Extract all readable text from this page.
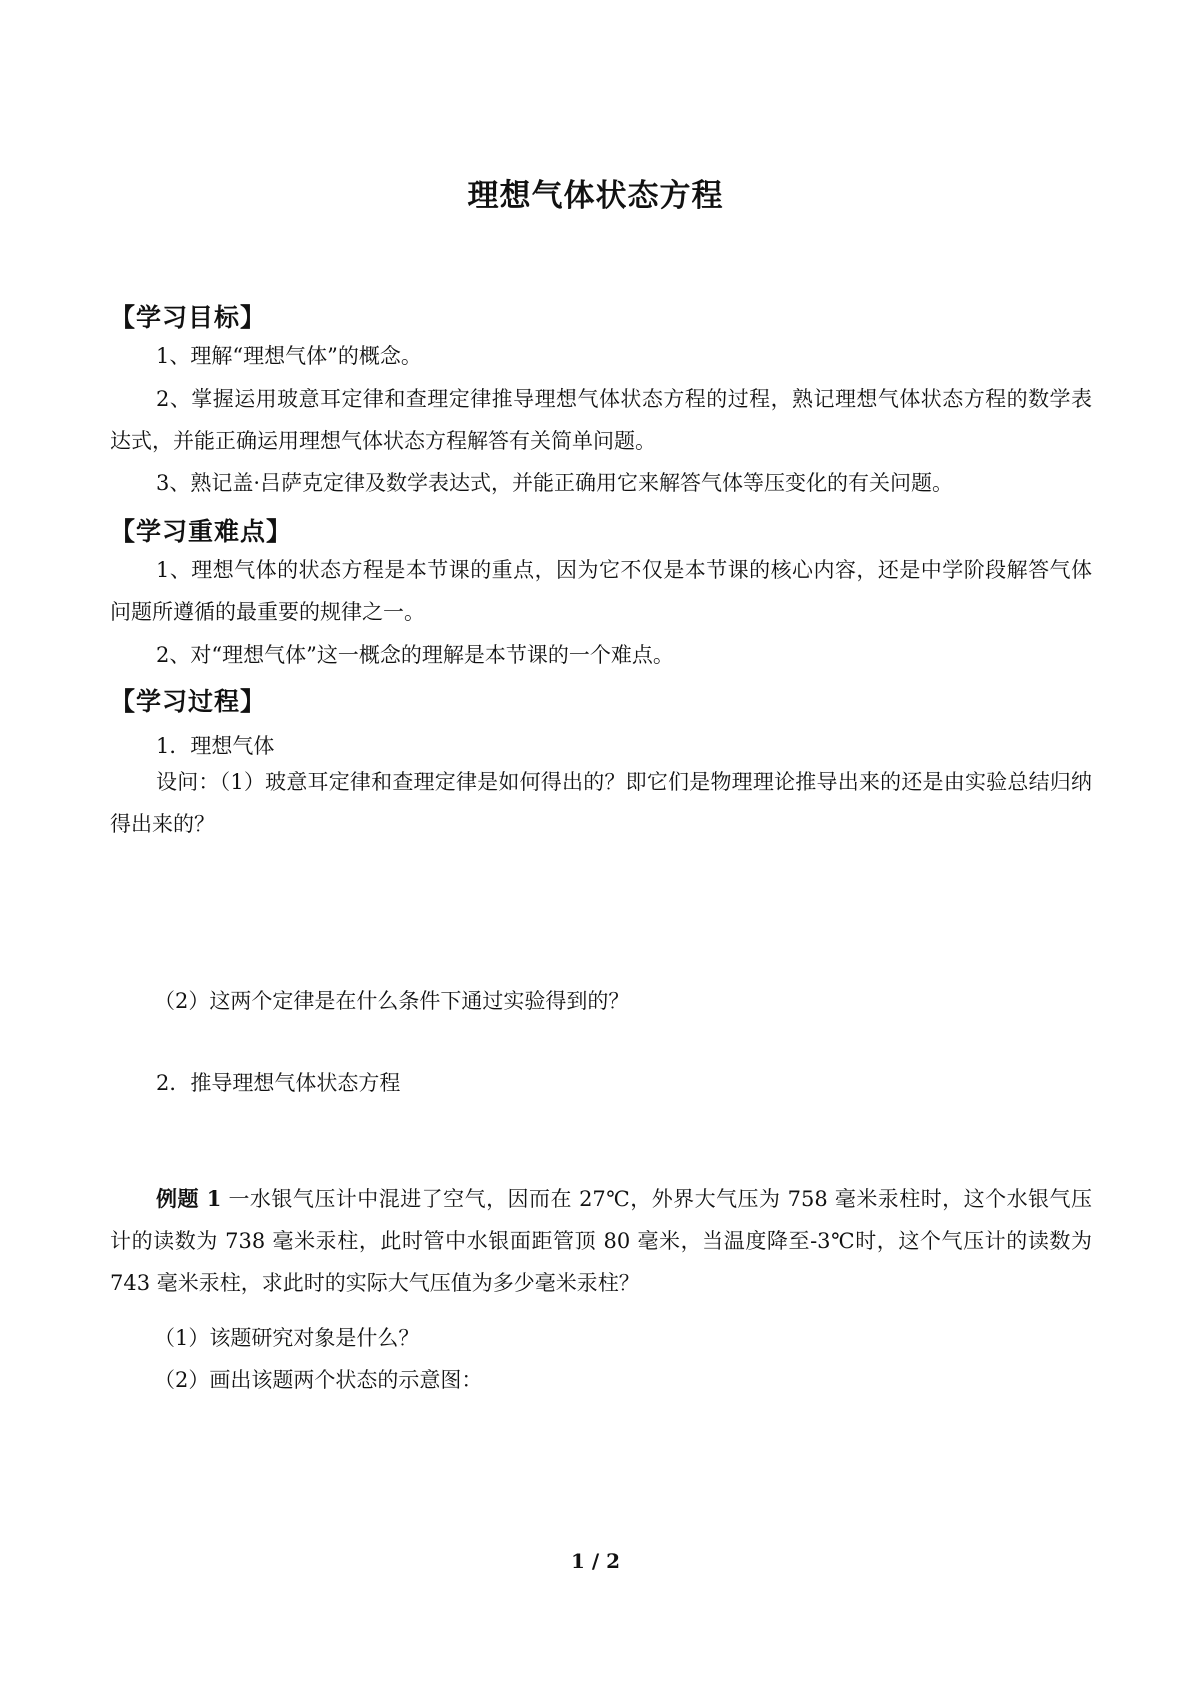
理想气体状态方程
【学习目标】
1、理解“理想气体”的概念。
2、掌握运用玻意耳定律和查理定律推导理想气体状态方程的过程，熟记理想气体状态方程的数学表达式，并能正确运用理想气体状态方程解答有关简单问题。
3、熟记盖·吕萨克定律及数学表达式，并能正确用它来解答气体等压变化的有关问题。
【学习重难点】
1、理想气体的状态方程是本节课的重点，因为它不仅是本节课的核心内容，还是中学阶段解答气体问题所遵循的最重要的规律之一。
2、对“理想气体”这一概念的理解是本节课的一个难点。
【学习过程】
1．理想气体
设问：（1）玻意耳定律和查理定律是如何得出的？即它们是物理理论推导出来的还是由实验总结归纳得出来的？
（2）这两个定律是在什么条件下通过实验得到的？
2．推导理想气体状态方程
例题 1 一水银气压计中混进了空气，因而在 27℃，外界大气压为 758 毫米汞柱时，这个水银气压计的读数为 738 毫米汞柱，此时管中水银面距管顶 80 毫米，当温度降至-3℃时，这个气压计的读数为 743 毫米汞柱，求此时的实际大气压值为多少毫米汞柱？
（1）该题研究对象是什么？
（2）画出该题两个状态的示意图：
1 / 2
